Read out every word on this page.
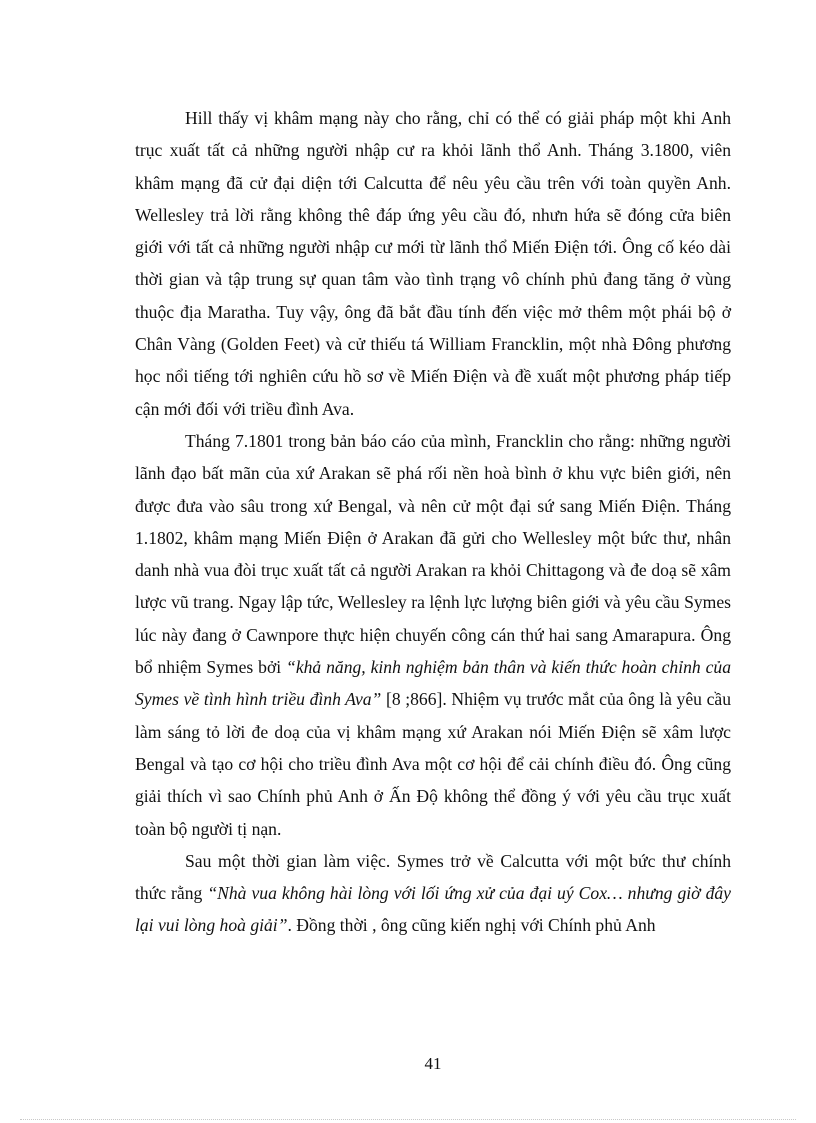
Hill thấy vị khâm mạng này cho rằng, chỉ có thể có giải pháp một khi Anh trục xuất tất cả những người nhập cư ra khỏi lãnh thổ Anh. Tháng 3.1800, viên khâm mạng đã cử đại diện tới Calcutta để nêu yêu cầu trên với toàn quyền Anh. Wellesley trả lời rằng không thê đáp ứng yêu cầu đó, nhưn hứa sẽ đóng cửa biên giới với tất cả những người nhập cư mới từ lãnh thổ Miến Điện tới. Ông cố kéo dài thời gian và tập trung sự quan tâm vào tình trạng vô chính phủ đang tăng ở vùng thuộc địa Maratha. Tuy vậy, ông đã bắt đầu tính đến việc mở thêm một phái bộ ở Chân Vàng (Golden Feet) và cử thiếu tá William Francklin, một nhà Đông phương học nổi tiếng tới nghiên cứu hồ sơ về Miến Điện và đề xuất một phương pháp tiếp cận mới đối với triều đình Ava.

Tháng 7.1801 trong bản báo cáo của mình, Francklin cho rằng: những người lãnh đạo bất mãn của xứ Arakan sẽ phá rối nền hoà bình ở khu vực biên giới, nên được đưa vào sâu trong xứ Bengal, và nên cử một đại sứ sang Miến Điện. Tháng 1.1802, khâm mạng Miến Điện ở Arakan đã gửi cho Wellesley một bức thư, nhân danh nhà vua đòi trục xuất tất cả người Arakan ra khỏi Chittagong và đe doạ sẽ xâm lược vũ trang. Ngay lập tức, Wellesley ra lệnh lực lượng biên giới và yêu cầu Symes lúc này đang ở Cawnpore thực hiện chuyến công cán thứ hai sang Amarapura. Ông bổ nhiệm Symes bởi “khả năng, kinh nghiệm bản thân và kiến thức hoàn chỉnh của Symes về tình hình triều đình Ava” [8 ;866]. Nhiệm vụ trước mắt của ông là yêu cầu làm sáng tỏ lời đe doạ của vị khâm mạng xứ Arakan nói Miến Điện sẽ xâm lược Bengal và tạo cơ hội cho triều đình Ava một cơ hội để cải chính điều đó. Ông cũng giải thích vì sao Chính phủ Anh ở Ấn Độ không thể đồng ý với yêu cầu trục xuất toàn bộ người tị nạn.

Sau một thời gian làm việc. Symes trở về Calcutta với một bức thư chính thức rằng “Nhà vua không hài lòng với lối ứng xử của đại uý Cox… nhưng giờ đây lại vui lòng hoà giải”. Đồng thời , ông cũng kiến nghị với Chính phủ Anh

41
